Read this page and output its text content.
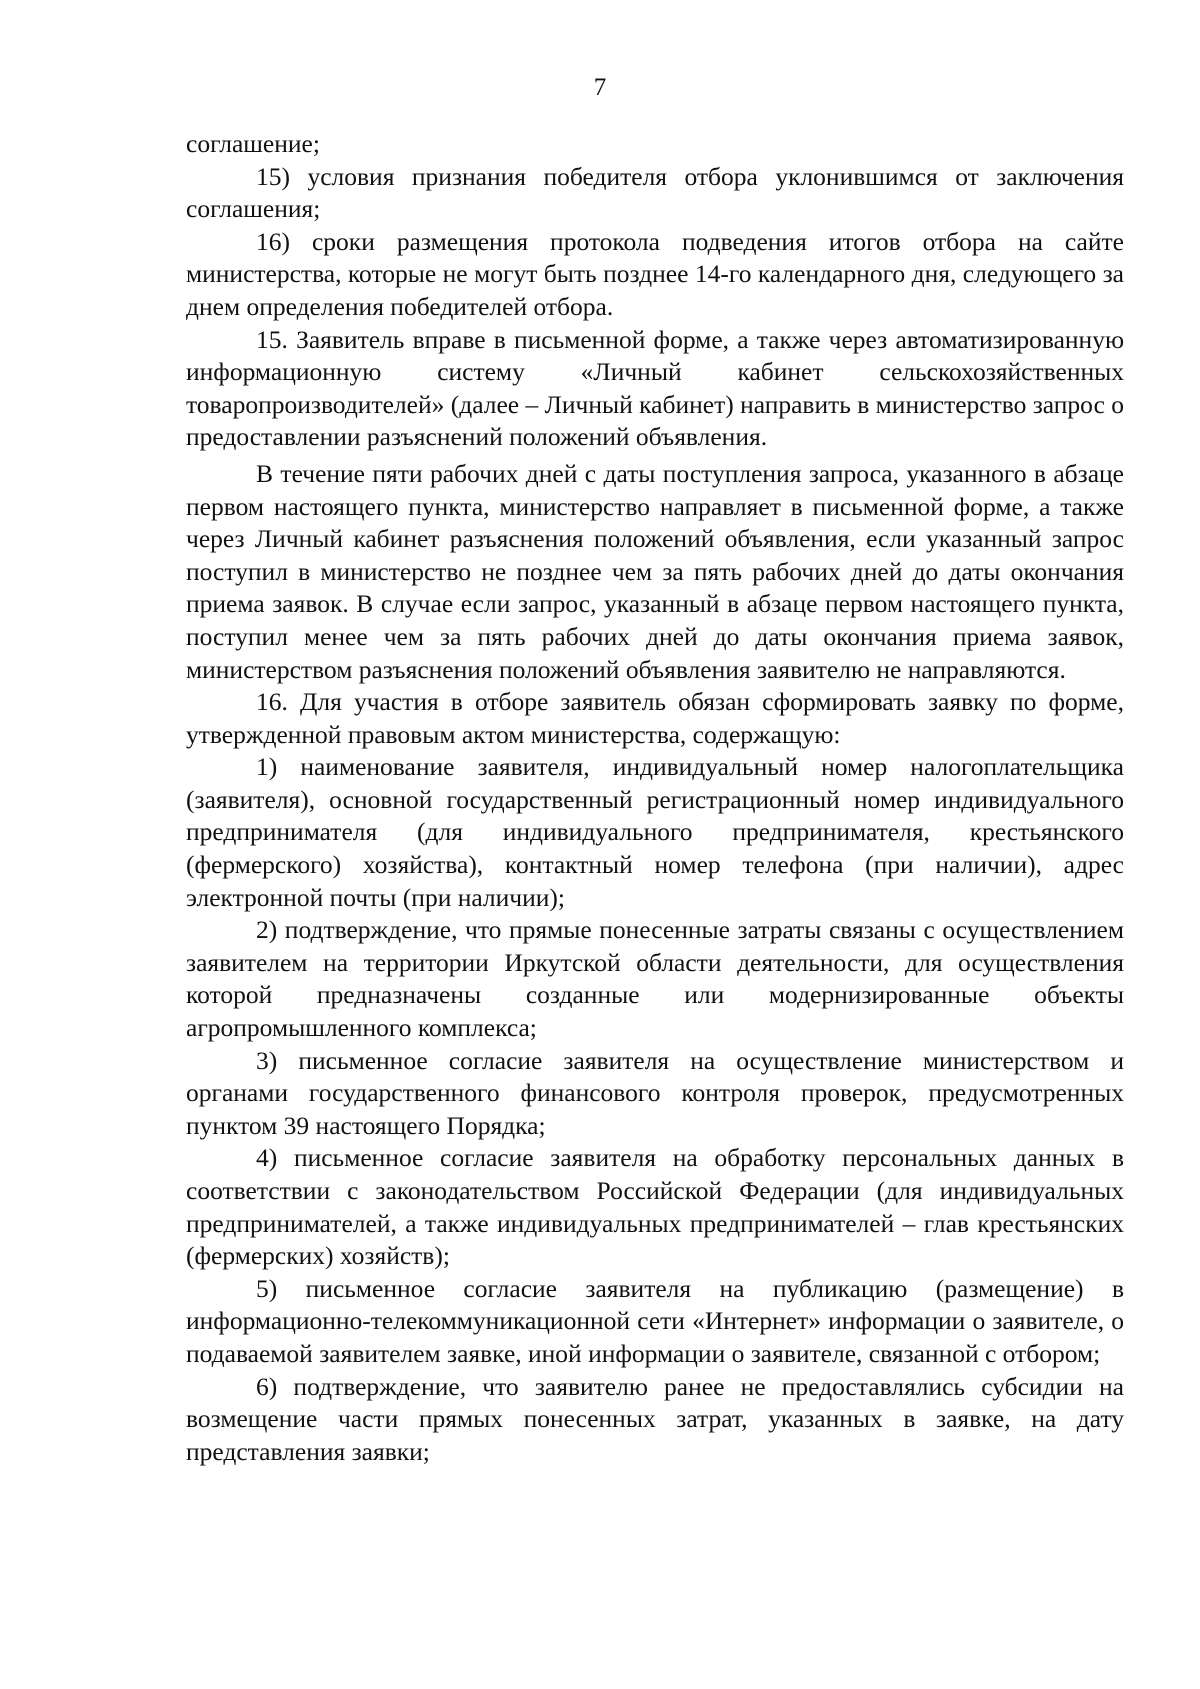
7

соглашение;

15) условия признания победителя отбора уклонившимся от заключения соглашения;

16) сроки размещения протокола подведения итогов отбора на сайте министерства, которые не могут быть позднее 14-го календарного дня, следующего за днем определения победителей отбора.

15. Заявитель вправе в письменной форме, а также через автоматизированную информационную систему «Личный кабинет сельскохозяйственных товаропроизводителей» (далее – Личный кабинет) направить в министерство запрос о предоставлении разъяснений положений объявления.

В течение пяти рабочих дней с даты поступления запроса, указанного в абзаце первом настоящего пункта, министерство направляет в письменной форме, а также через Личный кабинет разъяснения положений объявления, если указанный запрос поступил в министерство не позднее чем за пять рабочих дней до даты окончания приема заявок. В случае если запрос, указанный в абзаце первом настоящего пункта, поступил менее чем за пять рабочих дней до даты окончания приема заявок, министерством разъяснения положений объявления заявителю не направляются.

16. Для участия в отборе заявитель обязан сформировать заявку по форме, утвержденной правовым актом министерства, содержащую:

1) наименование заявителя, индивидуальный номер налогоплательщика (заявителя), основной государственный регистрационный номер индивидуального предпринимателя (для индивидуального предпринимателя, крестьянского (фермерского) хозяйства), контактный номер телефона (при наличии), адрес электронной почты (при наличии);

2) подтверждение, что прямые понесенные затраты связаны с осуществлением заявителем на территории Иркутской области деятельности, для осуществления которой предназначены созданные или модернизированные объекты агропромышленного комплекса;

3) письменное согласие заявителя на осуществление министерством и органами государственного финансового контроля проверок, предусмотренных пунктом 39 настоящего Порядка;

4) письменное согласие заявителя на обработку персональных данных в соответствии с законодательством Российской Федерации (для индивидуальных предпринимателей, а также индивидуальных предпринимателей – глав крестьянских (фермерских) хозяйств);

5) письменное согласие заявителя на публикацию (размещение) в информационно-телекоммуникационной сети «Интернет» информации о заявителе, о подаваемой заявителем заявке, иной информации о заявителе, связанной с отбором;

6) подтверждение, что заявителю ранее не предоставлялись субсидии на возмещение части прямых понесенных затрат, указанных в заявке, на дату представления заявки;
